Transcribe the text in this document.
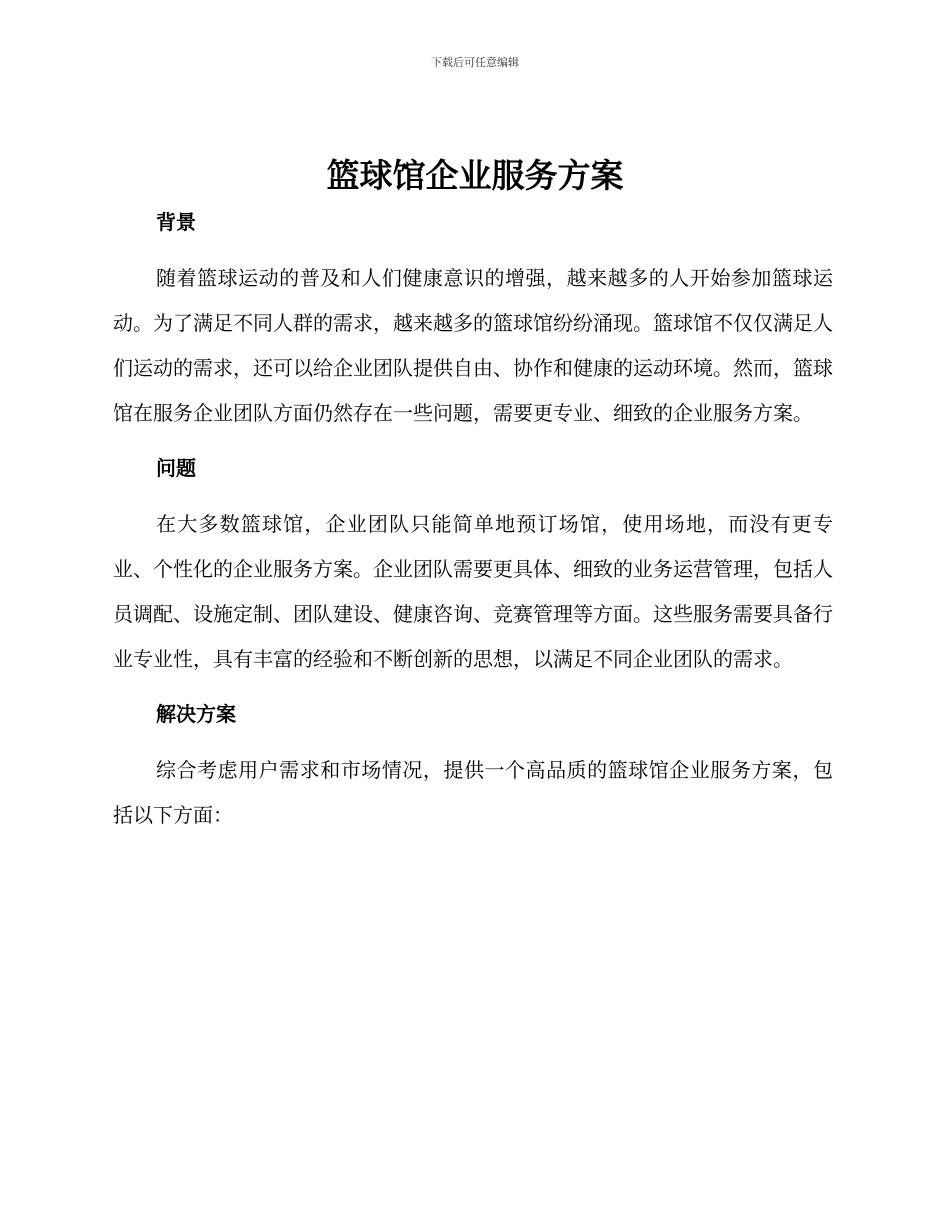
下载后可任意编辑
篮球馆企业服务方案
背景

随着篮球运动的普及和人们健康意识的增强，越来越多的人开始参加篮球运动。为了满足不同人群的需求，越来越多的篮球馆纷纷涌现。篮球馆不仅仅满足人们运动的需求，还可以给企业团队提供自由、协作和健康的运动环境。然而，篮球馆在服务企业团队方面仍然存在一些问题，需要更专业、细致的企业服务方案。

问题

在大多数篮球馆，企业团队只能简单地预订场馆，使用场地，而没有更专业、个性化的企业服务方案。企业团队需要更具体、细致的业务运营管理，包括人员调配、设施定制、团队建设、健康咨询、竞赛管理等方面。这些服务需要具备行业专业性，具有丰富的经验和不断创新的思想，以满足不同企业团队的需求。

解决方案

综合考虑用户需求和市场情况，提供一个高品质的篮球馆企业服务方案，包括以下方面：
